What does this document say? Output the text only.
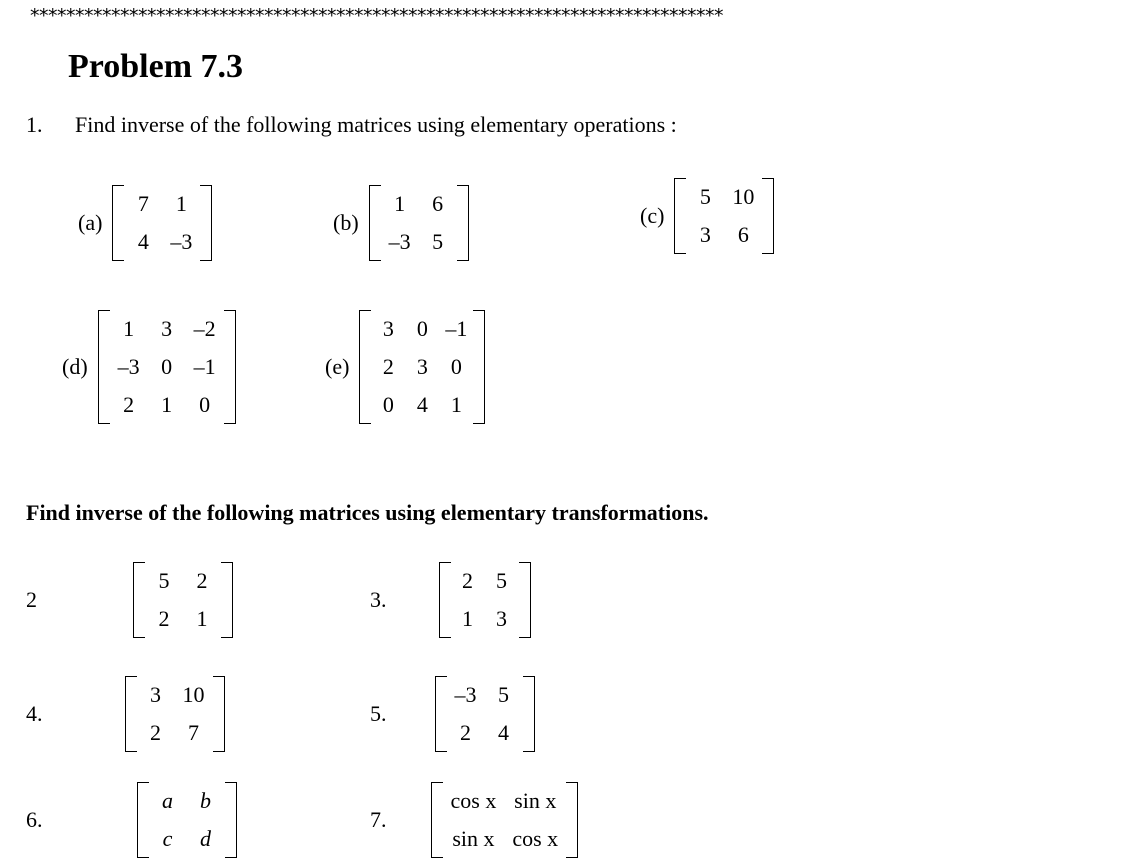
*****************************************************************************
Problem 7.3
1. Find inverse of the following matrices using elementary operations :
(a)
7	1
4	–3
(b)
1	6
–3	5
(c)
5	10
3	6
(d)
1	3	–2
–3	0	–1
2	1	0
(e)
3	0	–1
2	3	0
0	4	1
Find inverse of the following matrices using elementary transformations.
2
5	2
2	1
3.
2	5
1	3
4.
3	10
2	7
5.
–3	5
2	4
6.
a	b
c	d
7.
cos x	sin x
sin x	cos x
